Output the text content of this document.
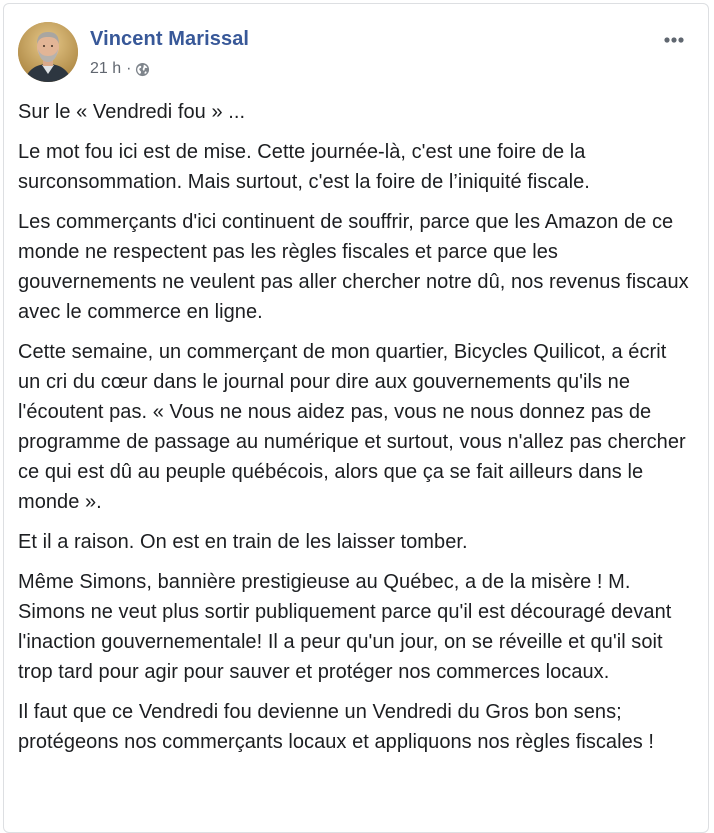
Vincent Marissal
21 h ·

Sur le « Vendredi fou » ...

Le mot fou ici est de mise. Cette journée-là, c'est une foire de la surconsommation. Mais surtout, c'est la foire de l’iniquité fiscale.

Les commerçants d'ici continuent de souffrir, parce que les Amazon de ce monde ne respectent pas les règles fiscales et parce que les gouvernements ne veulent pas aller chercher notre dû, nos revenus fiscaux avec le commerce en ligne.

Cette semaine, un commerçant de mon quartier, Bicycles Quilicot, a écrit un cri du cœur dans le journal pour dire aux gouvernements qu'ils ne l'écoutent pas. « Vous ne nous aidez pas, vous ne nous donnez pas de programme de passage au numérique et surtout, vous n'allez pas chercher ce qui est dû au peuple québécois, alors que ça se fait ailleurs dans le monde ».

Et il a raison. On est en train de les laisser tomber.

Même Simons, bannière prestigieuse au Québec, a de la misère ! M. Simons ne veut plus sortir publiquement parce qu'il est découragé devant l'inaction gouvernementale! Il a peur qu'un jour, on se réveille et qu'il soit trop tard pour agir pour sauver et protéger nos commerces locaux.

Il faut que ce Vendredi fou devienne un Vendredi du Gros bon sens; protégeons nos commerçants locaux et appliquons nos règles fiscales !
